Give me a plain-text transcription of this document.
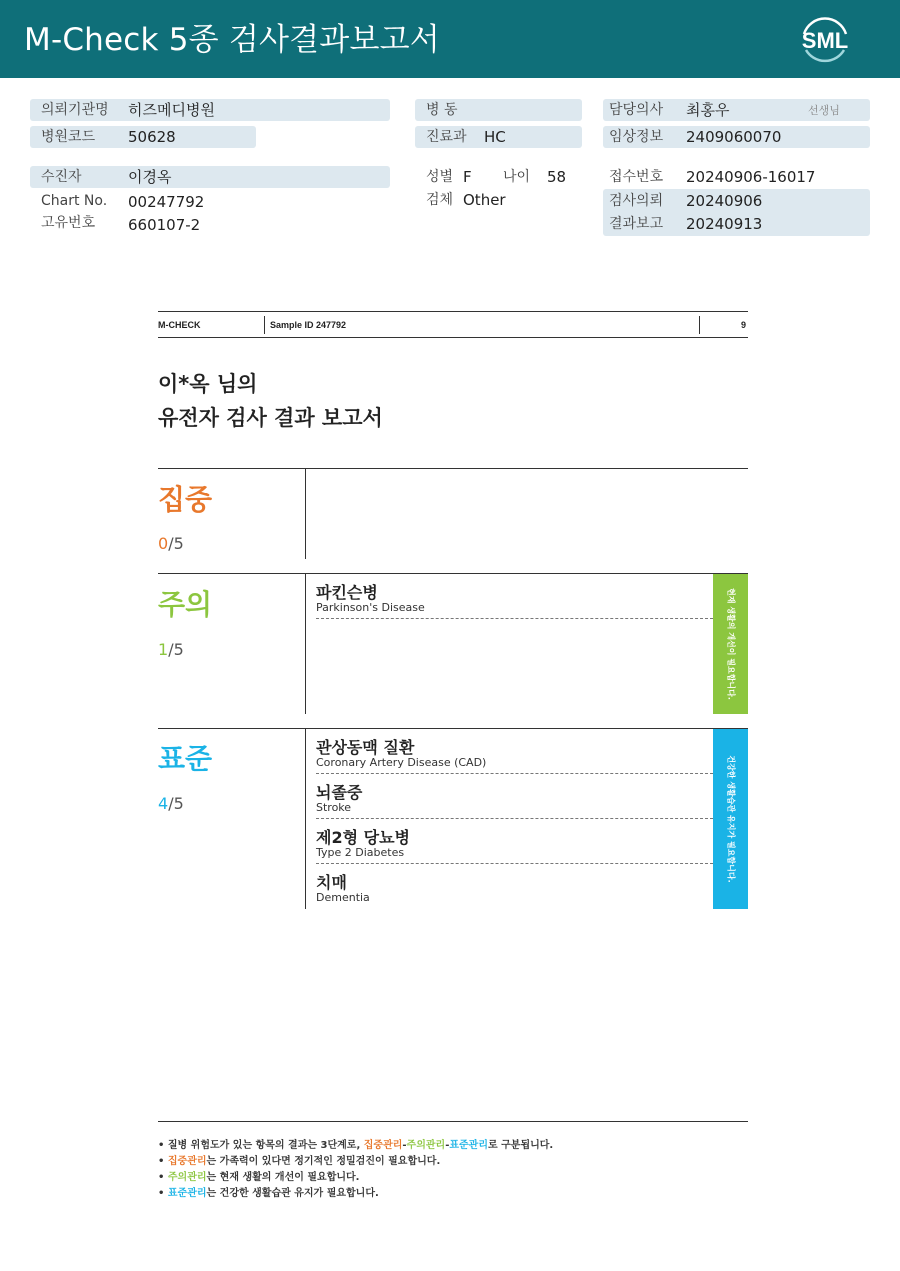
M-Check 5종 검사결과보고서	SML
의뢰기관명 히즈메디병원
병원코드 50628
수진자	이경옥
Chart No. 00247792
고유번호 660107-2
병 동
진료과 HC
성별 F 나이 58
검체 Other
담당의사 최홍우	선생님
임상정보 2409060070
접수번호 20240906-16017
검사의뢰 20240906
결과보고 20240913
M-CHECK	Sample ID 247792	9
이*옥 님의
유전자 검사 결과 보고서
집중
0/5
주의
1/5
파킨슨병
Parkinson's Disease	현재 생활의 개선이 필요합니다.
표준
4/5
관상동맥 질환
Coronary Artery Disease (CAD)
뇌졸중
Stroke
제2형 당뇨병
Type 2 Diabetes
치매
Dementia
건강한 생활습관 유지가 필요합니다.
• 질병 위험도가 있는 항목의 결과는 3단계로, 집중관리-주의관리-표준관리로 구분됩니다.
• 집중관리는 가족력이 있다면 정기적인 정밀검진이 필요합니다.
• 주의관리는 현재 생활의 개선이 필요합니다.
• 표준관리는 건강한 생활습관 유지가 필요합니다.
